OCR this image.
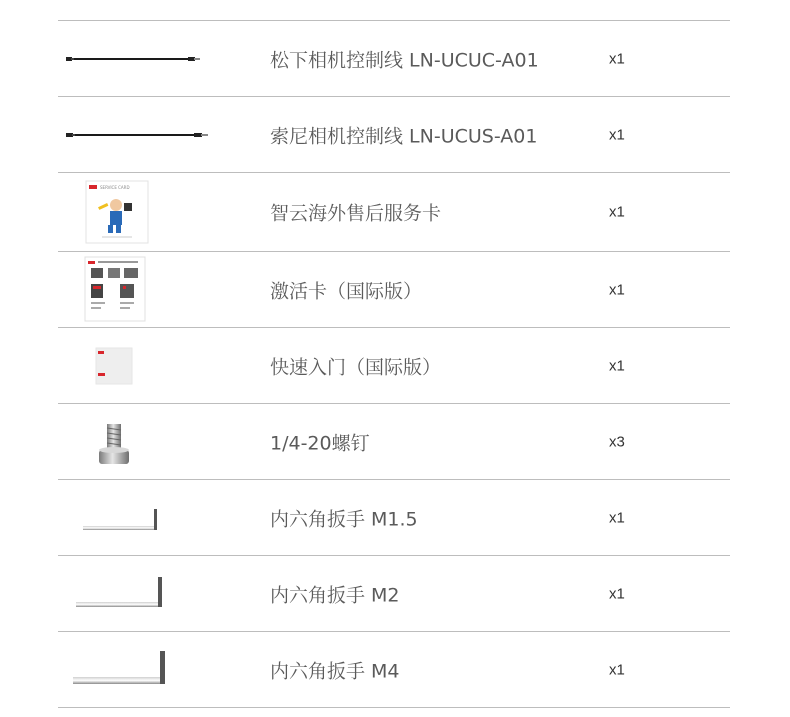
松下相机控制线 LN-UCUC-A01	x1
索尼相机控制线 LN-UCUS-A01	x1
SERVICE CARD
智云海外售后服务卡	x1
激活卡（国际版）	x1
快速入门（国际版）	x1
1/4-20螺钉	x3
内六角扳手 M1.5	x1
内六角扳手 M2	x1
内六角扳手 M4	x1
